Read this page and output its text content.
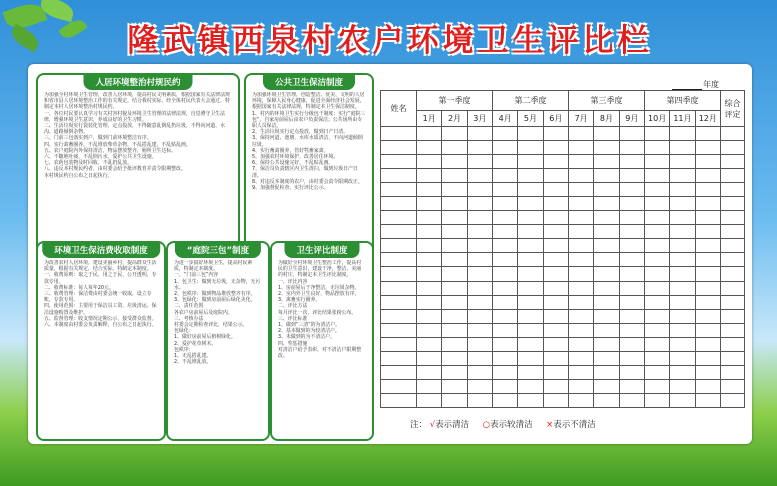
隆武镇西泉村农户环境卫生评比栏
人居环境整治村规民约

为加强全村环境卫生管理，改善人居环境，提高村民文明素质，根据国家有关法律法规和省市县人居环境整治工作的有关规定，结合我村实际，经全体村民代表大会通过，特制定本村人居环境整治村规民约。

一、各位村民要认真学习有关村容村貌及环境卫生管理的法律法规，自觉遵守卫生法律，增强环境卫生意识，养成良好的卫生习惯。

二、生活垃圾实行袋装化管理，定点投放，不得随意乱倒乱扔垃圾，不得向河道、水沟、道路倾倒杂物。

三、门前三包落实到户，做到门前环境整洁有序。

四、实行禽畜圈养，不乱堆放柴草杂物，不乱搭乱建，不乱贴乱画。

五、农户庭院内外保持清洁，物品摆放整齐，厕所卫生达标。

六、不随地吐痰，不乱倒污水，爱护公共卫生设施。

七、农药包装物及时回收，不乱扔乱放。

八、违反本村规民约者，由村委会给予批评教育并责令限期整改。

本村规民约自公布之日起执行。

公共卫生保洁制度

为加强环境卫生管理，创造整洁、优美、文明的人居环境，保障人民身心健康，促进全面经济社会发展，根据国家有关法律法规，特制定本卫生保洁制度。

1、村内的环境卫生实行分级包干制度：实行“庭院三包”，自家房前屋后由农户负责保洁；公共场所由专职人员保洁。

2、生活垃圾实行定点投放，做到日产日清。

3、保持河道、池塘、水库水质清洁，不向河道倾倒垃圾。

4、实行畜禽圈养，管好牲畜家禽。

5、加强农村环境保护，改善居住环境。

6、保持公共设施完好，不乱贴乱画。

7、保洁员负责辖区内卫生清扫，做到垃圾日产日清。

8、对违反本制度的农户，由村委会责令限期改正。

9、加强督促检查，实行评比公示。

环境卫生保洁费收取制度

为改善农村人居环境，建设美丽乡村，提高群众生活质量，根据有关规定，结合实际，特制定本制度。

一、收费原则：取之于民，用之于民，公开透明，专款专用。

二、收费标准：每人每年20元。

三、收费管理：保洁费由村委会统一收取，设立专账，专款专用。

四、使用范围：主要用于保洁员工资、垃圾清运、保洁设施购置及维护。

五、监督管理：收支情况定期公示，接受群众监督。

六、本制度由村委会负责解释，自公布之日起执行。

“庭院三包”制度

为进一步搞好环境卫生，提高村民素质，特制定本制度。

一、“门前三包”内容

1、包卫生：做到无垃圾，无杂物，无污水。

2、包秩序：做到物品堆放整齐有序。

3、包绿化：做到房前屋后绿化美化。

二、责任范围

各农户房前屋后及庭院内。

三、考核办法

村委会定期检查评比，结果公示。

包绿化：

1、做好房前屋后植树绿化。

2、爱护花草树木。

包秩序：

1、无乱搭乱建。

2、不乱堆乱放。

卫生评比制度

为做好全村环境卫生整治工作，提高村民的卫生意识，建设干净、整洁、美丽的村庄，特制定本卫生评比制度。

一、评比内容

1、房前屋后干净整洁，无垃圾杂物。

2、室内外卫生良好，物品摆放有序。

3、禽畜实行圈养。

二、评比方法

每月评比一次，评比结果张榜公布。

三、评比标准

1、做到“三清”的为清洁户。

2、基本做到的为较清洁户。

3、未做到的为不清洁户。

四、奖惩措施

对清洁户给予表彰，对不清洁户限期整改。

年度
姓名	第一季度			第二季度			第三季度			第四季度			综合评定
	1月	2月	3月	4月	5月	6月	7月	8月	9月	10月	11月	12月	

注： √表示清洁 ○表示较清洁 ×表示不清洁
